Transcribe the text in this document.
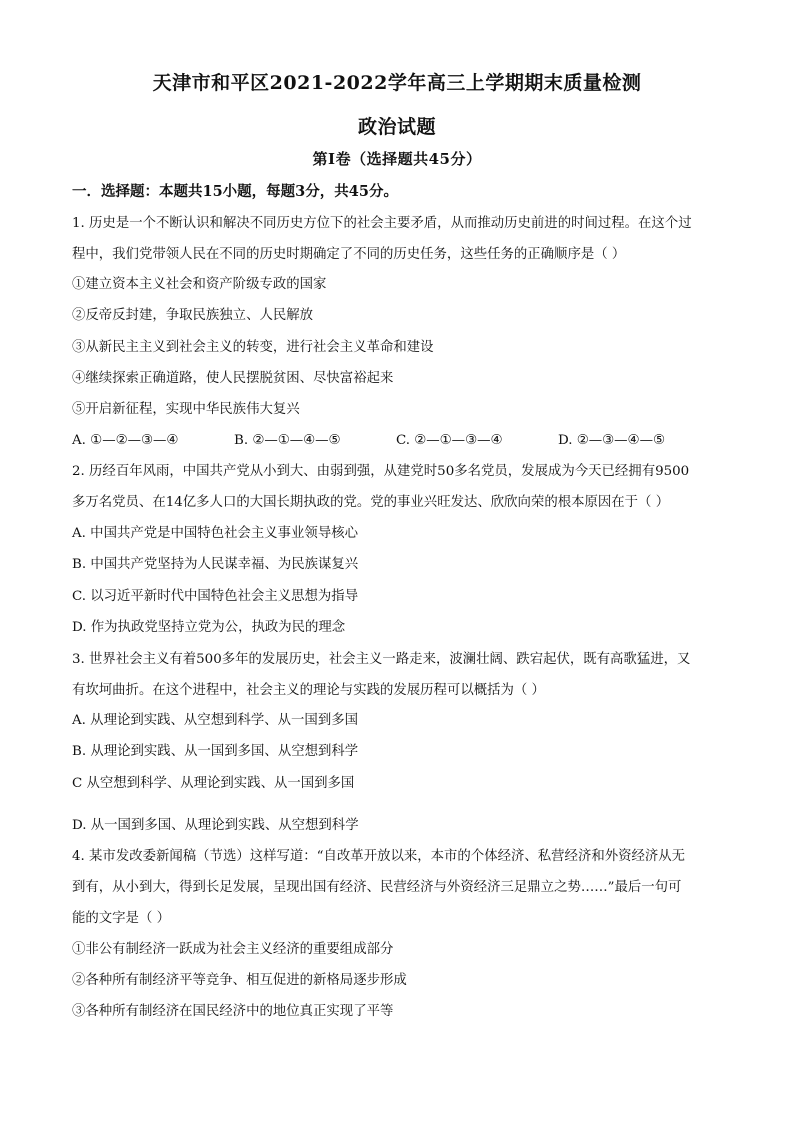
天津市和平区2021-2022学年高三上学期期末质量检测
政治试题
第Ⅰ卷（选择题共45分）
一．选择题：本题共15小题，每题3分，共45分。
1. 历史是一个不断认识和解决不同历史方位下的社会主要矛盾，从而推动历史前进的时间过程。在这个过
程中，我们党带领人民在不同的历史时期确定了不同的历史任务，这些任务的正确顺序是（ ）
①建立资本主义社会和资产阶级专政的国家
②反帝反封建，争取民族独立、人民解放
③从新民主主义到社会主义的转变，进行社会主义革命和建设
④继续探索正确道路，使人民摆脱贫困、尽快富裕起来
⑤开启新征程，实现中华民族伟大复兴
A. ①—②—③—④	B. ②—①—④—⑤	C. ②—①—③—④	D. ②—③—④—⑤
2. 历经百年风雨，中国共产党从小到大、由弱到强，从建党时50多名党员，发展成为今天已经拥有9500
多万名党员、在14亿多人口的大国长期执政的党。党的事业兴旺发达、欣欣向荣的根本原因在于（ ）
A. 中国共产党是中国特色社会主义事业领导核心
B. 中国共产党坚持为人民谋幸福、为民族谋复兴
C. 以习近平新时代中国特色社会主义思想为指导
D. 作为执政党坚持立党为公，执政为民的理念
3. 世界社会主义有着500多年的发展历史，社会主义一路走来，波澜壮阔、跌宕起伏，既有高歌猛进，又
有坎坷曲折。在这个进程中，社会主义的理论与实践的发展历程可以概括为（ ）
A. 从理论到实践、从空想到科学、从一国到多国
B. 从理论到实践、从一国到多国、从空想到科学
C 从空想到科学、从理论到实践、从一国到多国
D. 从一国到多国、从理论到实践、从空想到科学
4. 某市发改委新闻稿（节选）这样写道：“自改革开放以来，本市的个体经济、私营经济和外资经济从无
到有，从小到大，得到长足发展，呈现出国有经济、民营经济与外资经济三足鼎立之势……”最后一句可
能的文字是（ ）
①非公有制经济一跃成为社会主义经济的重要组成部分
②各种所有制经济平等竞争、相互促进的新格局逐步形成
③各种所有制经济在国民经济中的地位真正实现了平等
